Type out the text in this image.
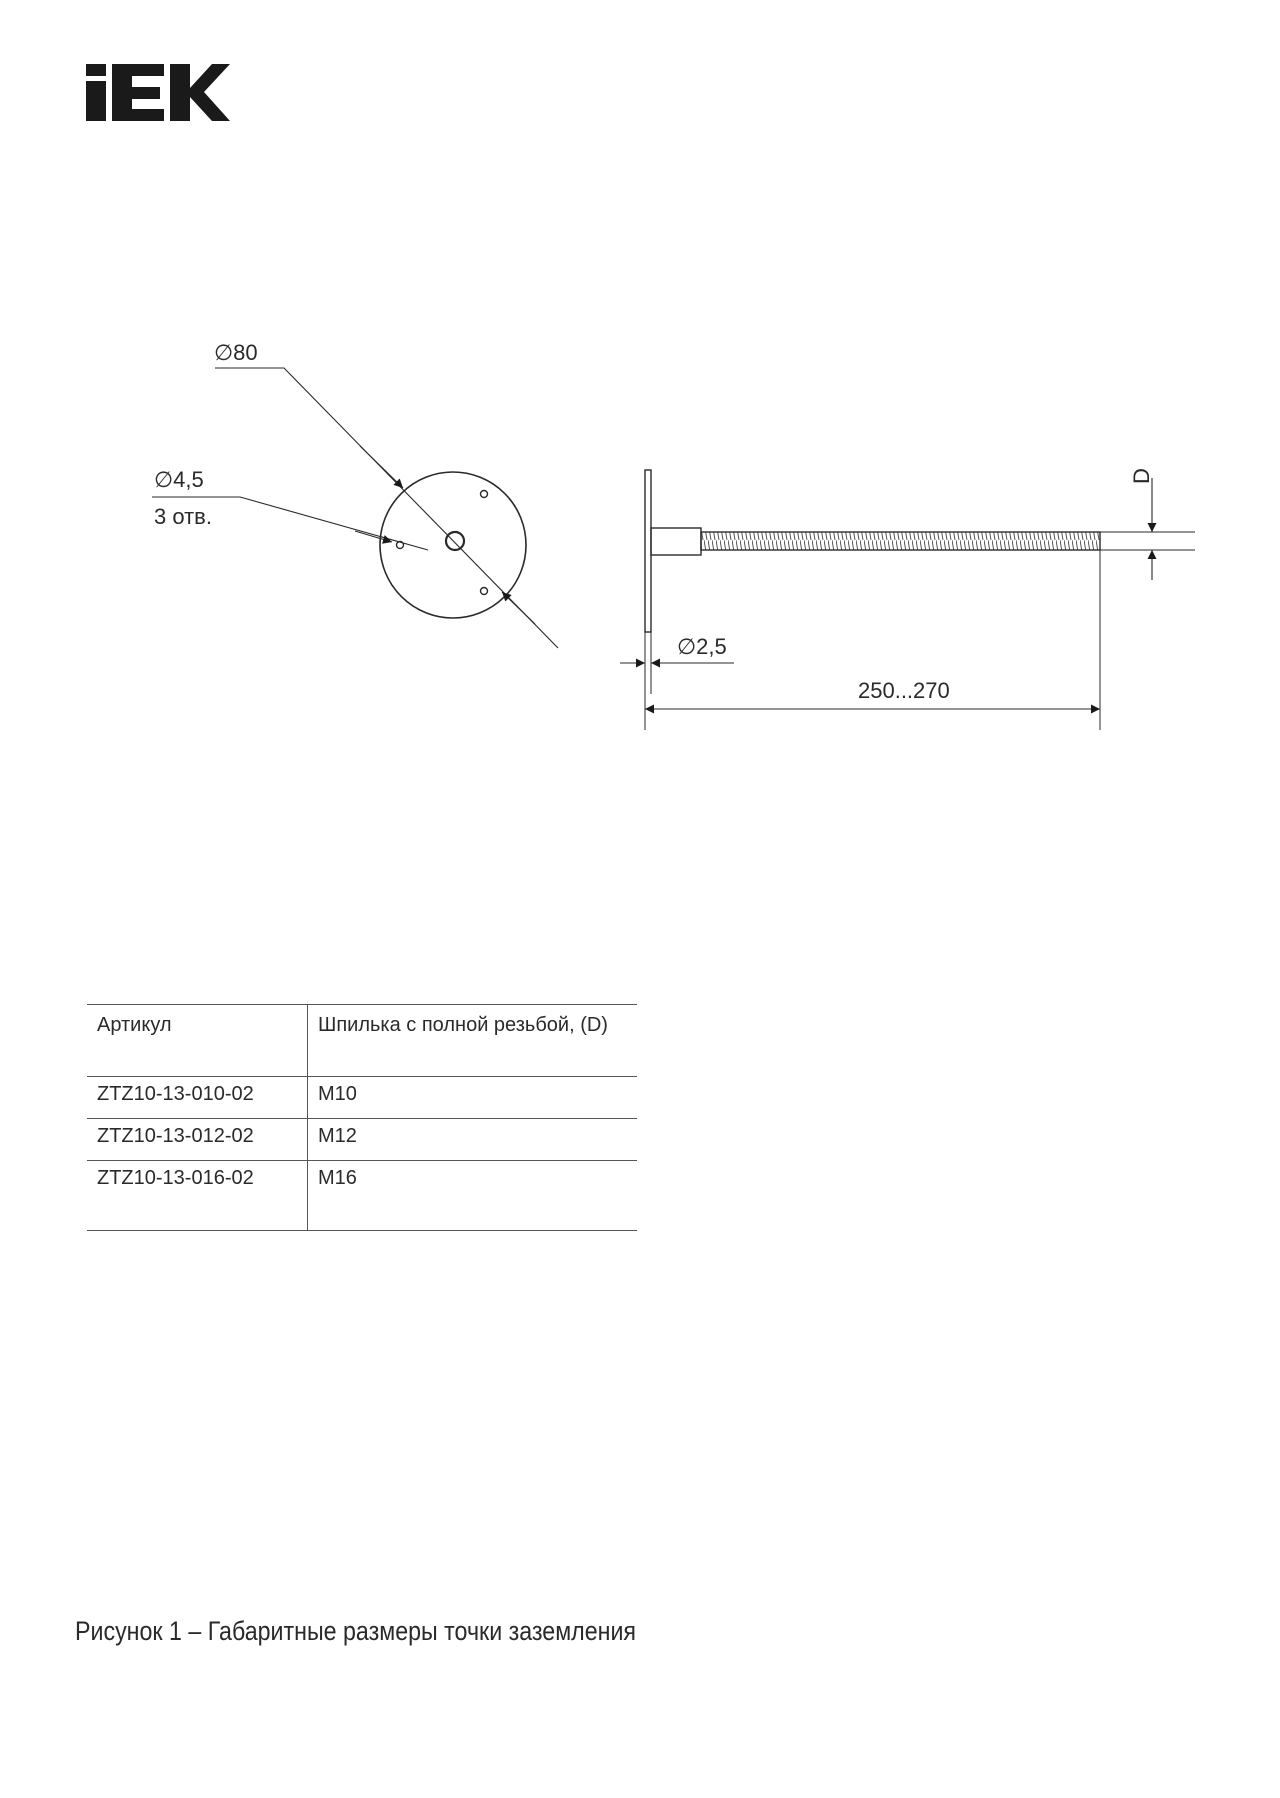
∅80
∅4,5
3 отв.
∅2,5
250...270
D
Артикул	Шпилька с полной резьбой, (D)
ZTZ10-13-010-02	M10
ZTZ10-13-012-02	M12
ZTZ10-13-016-02	M16
Рисунок 1 – Габаритные размеры точки заземления
